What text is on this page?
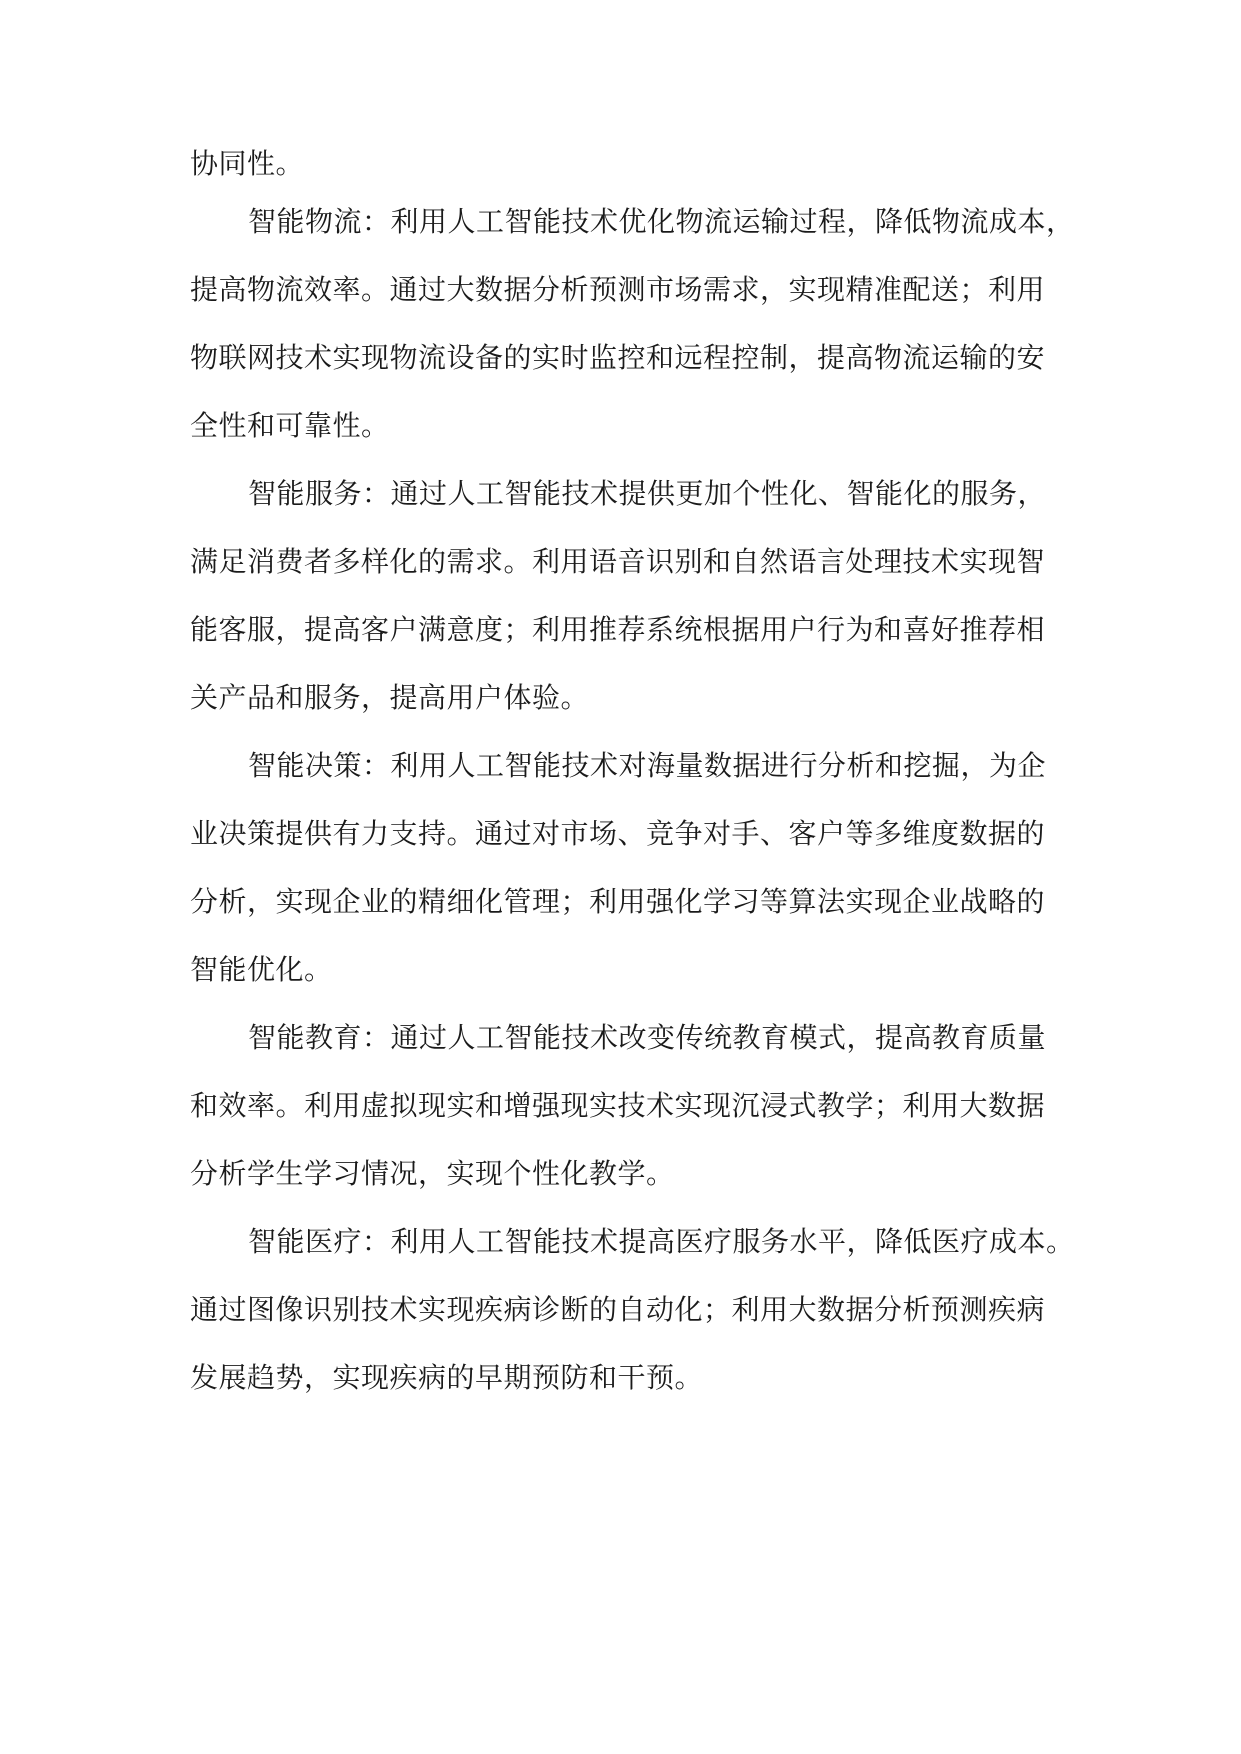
协同性。
智能物流：利用人工智能技术优化物流运输过程，降低物流成本，
提高物流效率。通过大数据分析预测市场需求，实现精准配送；利用
物联网技术实现物流设备的实时监控和远程控制，提高物流运输的安
全性和可靠性。
智能服务：通过人工智能技术提供更加个性化、智能化的服务，
满足消费者多样化的需求。利用语音识别和自然语言处理技术实现智
能客服，提高客户满意度；利用推荐系统根据用户行为和喜好推荐相
关产品和服务，提高用户体验。
智能决策：利用人工智能技术对海量数据进行分析和挖掘，为企
业决策提供有力支持。通过对市场、竞争对手、客户等多维度数据的
分析，实现企业的精细化管理；利用强化学习等算法实现企业战略的
智能优化。
智能教育：通过人工智能技术改变传统教育模式，提高教育质量
和效率。利用虚拟现实和增强现实技术实现沉浸式教学；利用大数据
分析学生学习情况，实现个性化教学。
智能医疗：利用人工智能技术提高医疗服务水平，降低医疗成本。
通过图像识别技术实现疾病诊断的自动化；利用大数据分析预测疾病
发展趋势，实现疾病的早期预防和干预。
